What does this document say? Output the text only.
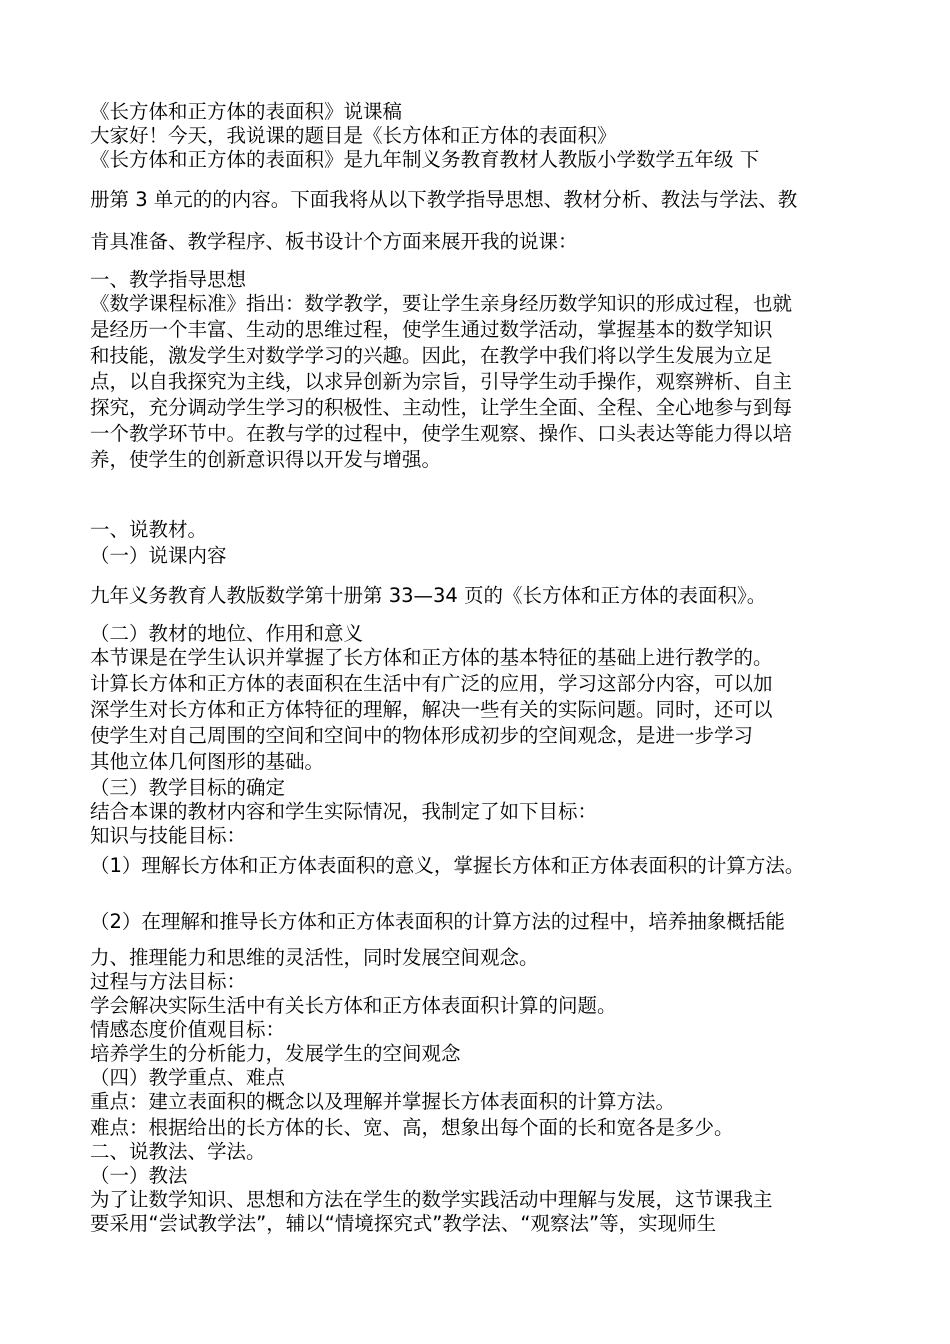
《长方体和正方体的表面积》说课稿
大家好！今天，我说课的题目是《长方体和正方体的表面积》
《长方体和正方体的表面积》是九年制义务教育教材人教版小学数学五年级 下
册第 3 单元的的内容。下面我将从以下教学指导思想、教材分析、教法与学法、教
肯具准备、教学程序、板书设计个方面来展开我的说课：
一、教学指导思想
《数学课程标准》指出：数学教学，要让学生亲身经历数学知识的形成过程，也就
是经历一个丰富、生动的思维过程，使学生通过数学活动，掌握基本的数学知识
和技能，激发学生对数学学习的兴趣。因此，在教学中我们将以学生发展为立足
点，以自我探究为主线，以求异创新为宗旨，引导学生动手操作，观察辨析、自主
探究，充分调动学生学习的积极性、主动性，让学生全面、全程、全心地参与到每
一个教学环节中。在教与学的过程中，使学生观察、操作、口头表达等能力得以培
养，使学生的创新意识得以开发与增强。
一、说教材。
（一）说课内容
九年义务教育人教版数学第十册第 33—34 页的《长方体和正方体的表面积》。
（二）教材的地位、作用和意义
本节课是在学生认识并掌握了长方体和正方体的基本特征的基础上进行教学的。
计算长方体和正方体的表面积在生活中有广泛的应用，学习这部分内容，可以加
深学生对长方体和正方体特征的理解，解决一些有关的实际问题。同时，还可以
使学生对自己周围的空间和空间中的物体形成初步的空间观念，是进一步学习
其他立体几何图形的基础。
（三）教学目标的确定
结合本课的教材内容和学生实际情况，我制定了如下目标：
知识与技能目标：
（1）理解长方体和正方体表面积的意义，掌握长方体和正方体表面积的计算方法。
（2）在理解和推导长方体和正方体表面积的计算方法的过程中，培养抽象概括能
力、推理能力和思维的灵活性，同时发展空间观念。
过程与方法目标：
学会解决实际生活中有关长方体和正方体表面积计算的问题。
情感态度价值观目标：
培养学生的分析能力，发展学生的空间观念
（四）教学重点、难点
重点：建立表面积的概念以及理解并掌握长方体表面积的计算方法。
难点：根据给出的长方体的长、宽、高，想象出每个面的长和宽各是多少。
二、说教法、学法。
（一）教法
为了让数学知识、思想和方法在学生的数学实践活动中理解与发展，这节课我主
要采用“尝试教学法”，辅以“情境探究式”教学法、“观察法”等，实现师生
